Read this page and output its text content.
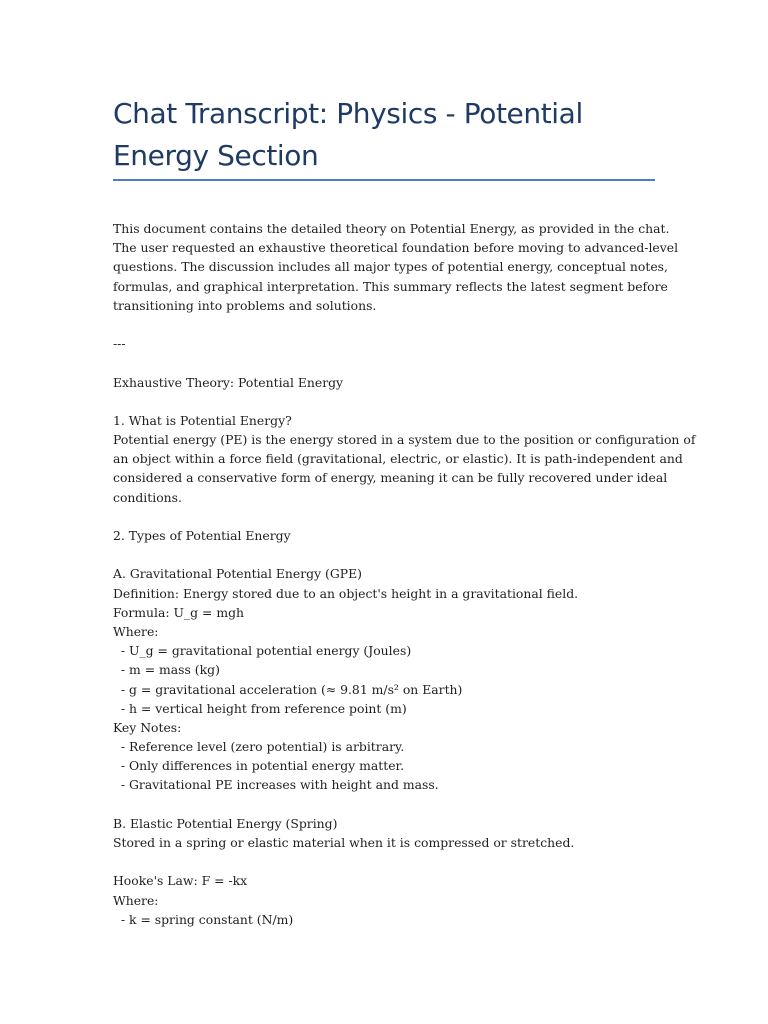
Chat Transcript: Physics - Potential
Energy Section
This document contains the detailed theory on Potential Energy, as provided in the chat.
The user requested an exhaustive theoretical foundation before moving to advanced-level
questions. The discussion includes all major types of potential energy, conceptual notes,
formulas, and graphical interpretation. This summary reflects the latest segment before
transitioning into problems and solutions.
---
Exhaustive Theory: Potential Energy
1. What is Potential Energy?
Potential energy (PE) is the energy stored in a system due to the position or configuration of
an object within a force field (gravitational, electric, or elastic). It is path-independent and
considered a conservative form of energy, meaning it can be fully recovered under ideal
conditions.
2. Types of Potential Energy
A. Gravitational Potential Energy (GPE)
Definition: Energy stored due to an object's height in a gravitational field.
Formula: U_g = mgh
Where:
- U_g = gravitational potential energy (Joules)
- m = mass (kg)
- g = gravitational acceleration (≈ 9.81 m/s² on Earth)
- h = vertical height from reference point (m)
Key Notes:
- Reference level (zero potential) is arbitrary.
- Only differences in potential energy matter.
- Gravitational PE increases with height and mass.
B. Elastic Potential Energy (Spring)
Stored in a spring or elastic material when it is compressed or stretched.
Hooke's Law: F = -kx
Where:
- k = spring constant (N/m)
